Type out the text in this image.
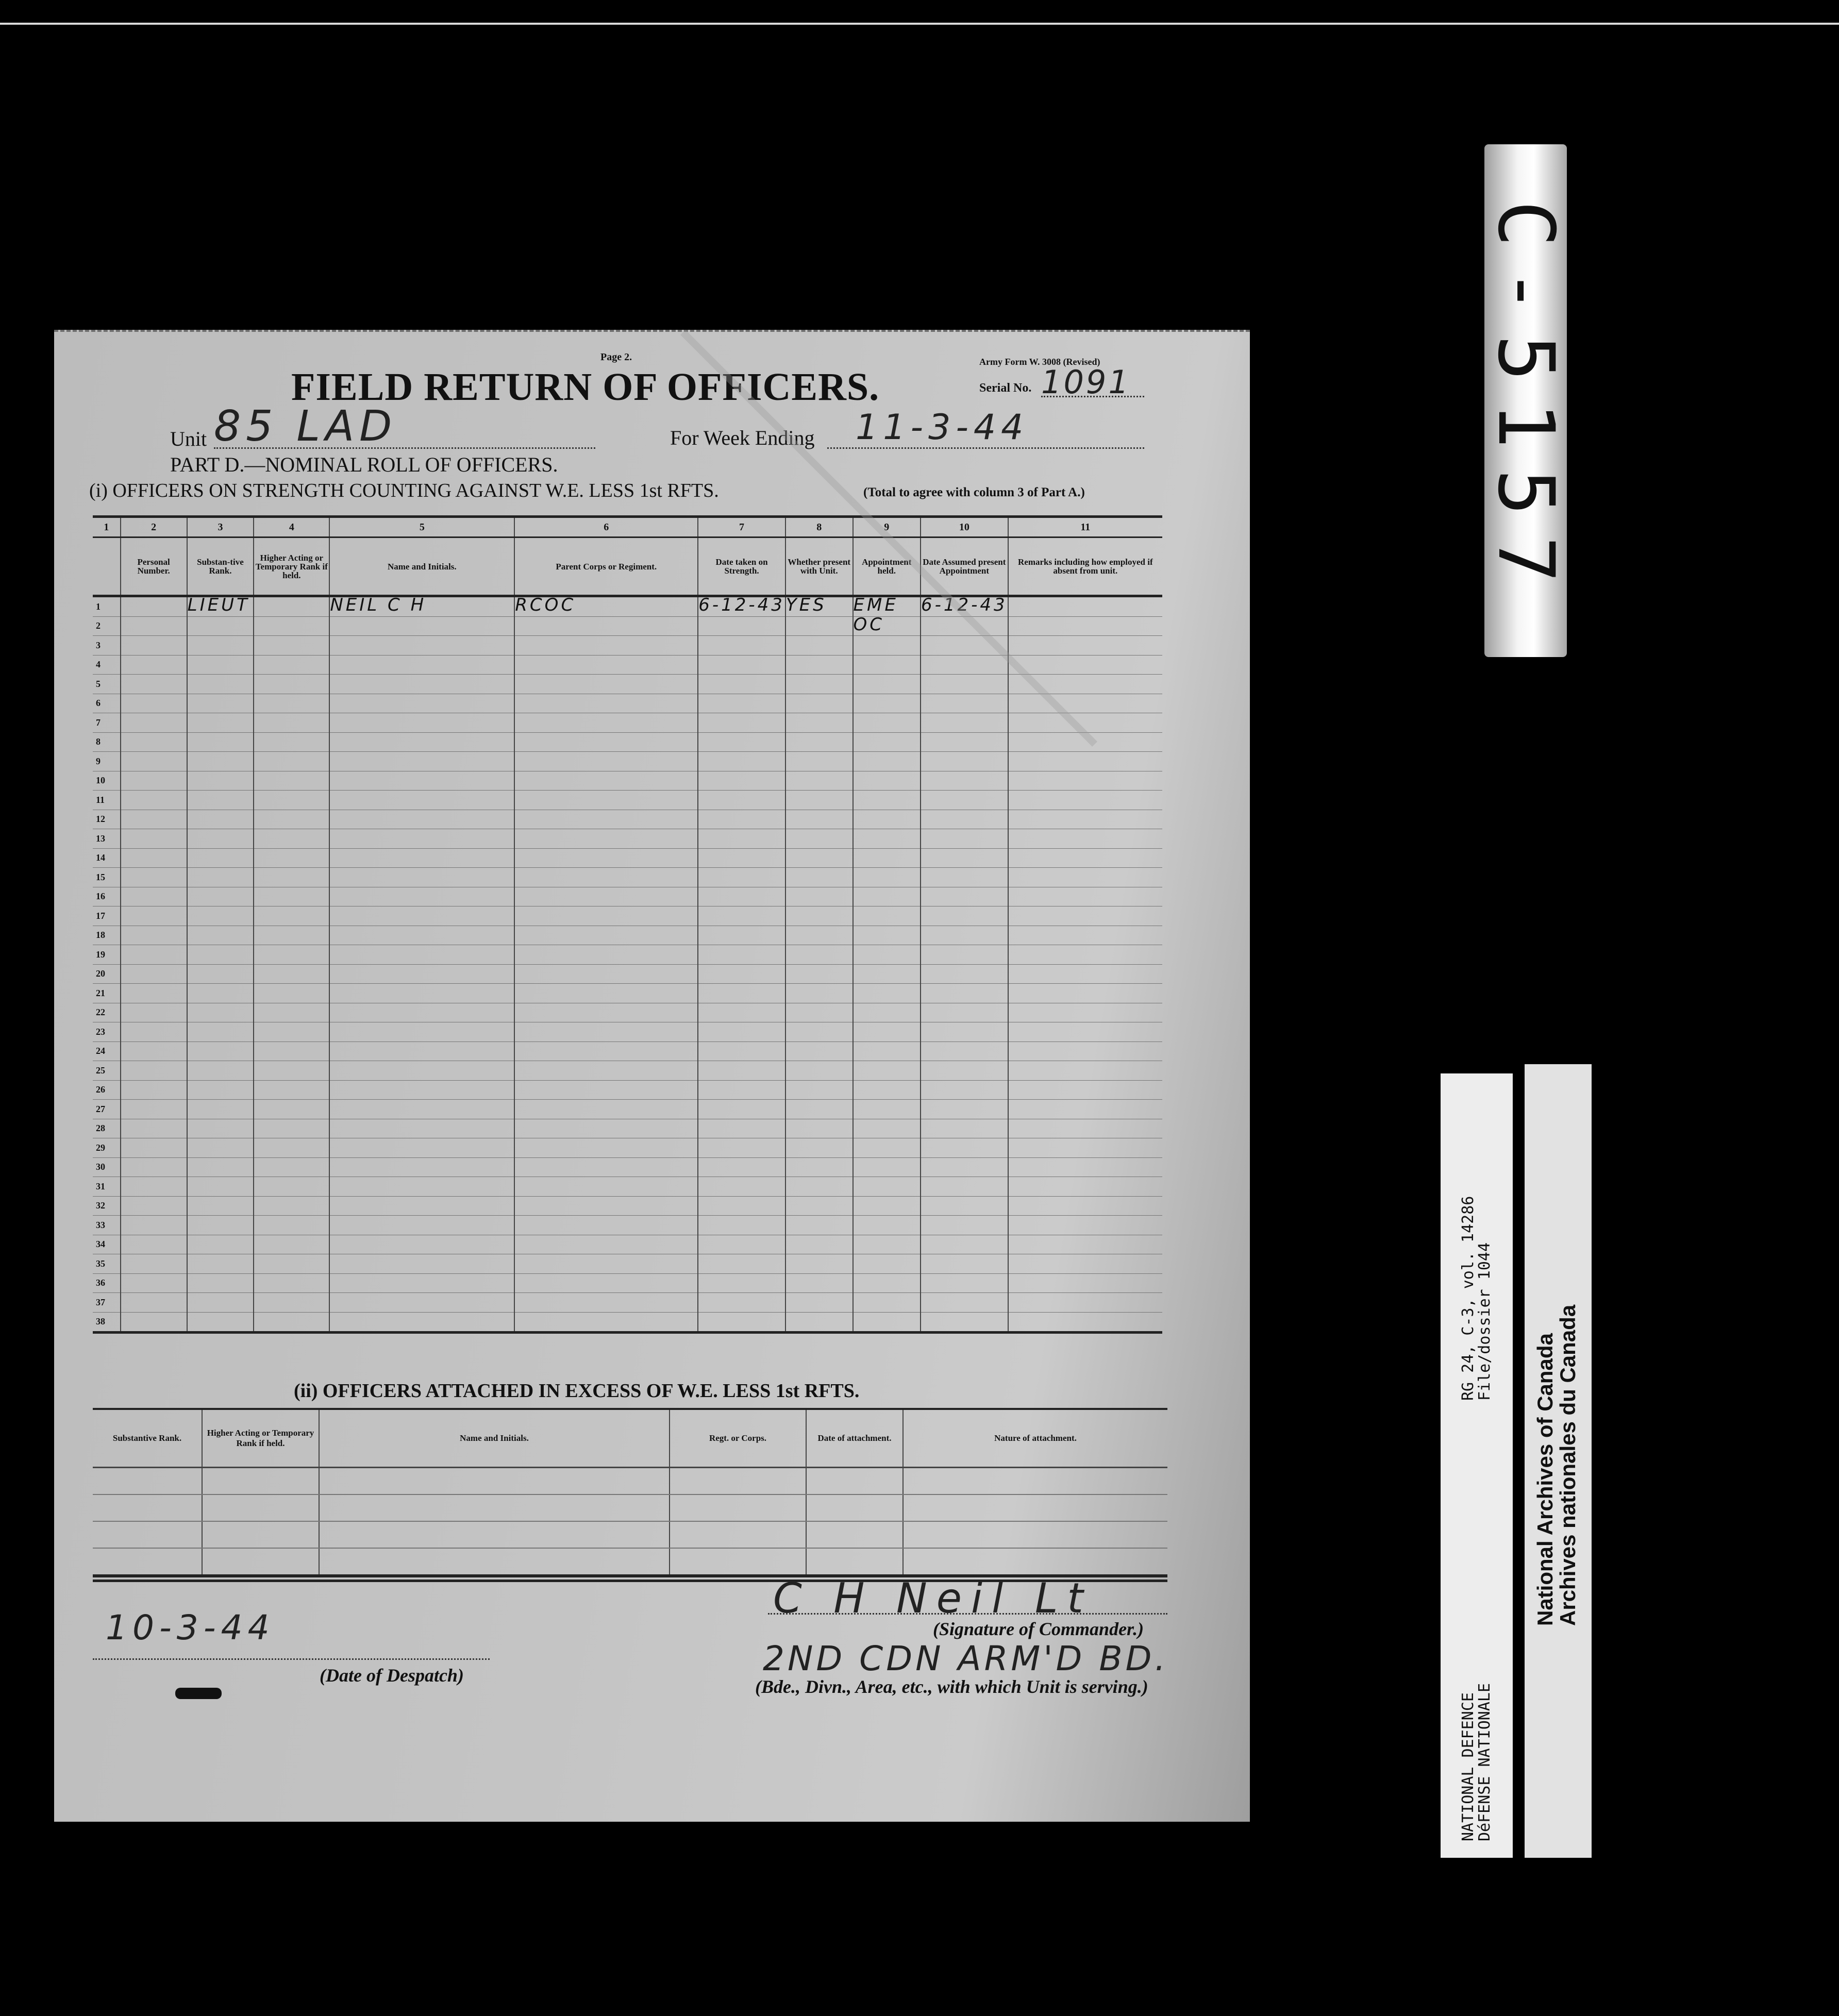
Page 2.	Army Form W. 3008 (Revised)
FIELD RETURN OF OFFICERS.	Serial No. 1091
Unit 85 LAD	For Week Ending 11-3-44
PART D.—NOMINAL ROLL OF OFFICERS.
(i) OFFICERS ON STRENGTH COUNTING AGAINST W.E. LESS 1st RFTS.	(Total to agree with column 3 of Part A.)
1	2	3	4	5	6	7	8	9	10	11
	Personal Number.	Substan-tive Rank.	Higher Acting or Temporary Rank if held.	Name and Initials.	Parent Corps or Regiment.	Date taken on Strength.	Whether present with Unit.	Appointment held.	Date Assumed present Appointment	Remarks including how employed if absent from unit.
1		LIEUT		NEIL C H	RCOC	6-12-43	YES	EME	6-12-43	
2								OC		
3										
4										
5										
6										
7										
8										
9										
10										
11										
12										
13										
14										
15										
16										
17										
18										
19										
20										
21										
22										
23										
24										
25										
26										
27										
28										
29										
30										
31										
32										
33										
34										
35										
36										
37										
38										
(ii) OFFICERS ATTACHED IN EXCESS OF W.E. LESS 1st RFTS.
Substantive Rank.	Higher Acting or Temporary Rank if held.	Name and Initials.	Regt. or Corps.	Date of attachment.	Nature of attachment.

10-3-44
(Date of Despatch)
C H Neil Lt
(Signature of Commander.)
2ND CDN ARM'D BD.
(Bde., Divn., Area, etc., with which Unit is serving.)
C-5157
NATIONAL DEFENCE
DéFENSE NATIONALE
RG 24, C-3, vol. 14286
File/dossier 1044
National Archives of Canada
Archives nationales du Canada
